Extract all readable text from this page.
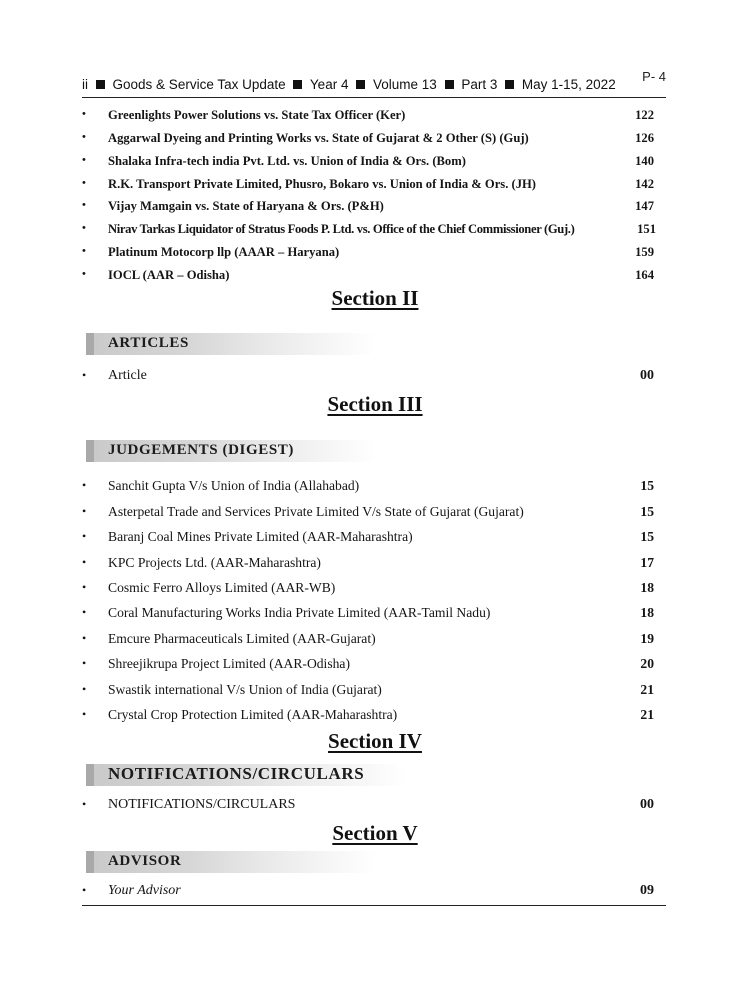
P- 4
ii Goods & Service Tax Update Year 4 Volume 13 Part 3 May 1-15, 2022
• Greenlights Power Solutions vs. State Tax Officer (Ker)	122
• Aggarwal Dyeing and Printing Works vs. State of Gujarat & 2 Other (S) (Guj)	126
• Shalaka Infra-tech india Pvt. Ltd. vs. Union of India & Ors. (Bom)	140
• R.K. Transport Private Limited, Phusro, Bokaro vs. Union of India & Ors. (JH)	142
• Vijay Mamgain vs. State of Haryana & Ors. (P&H)	147
• Nirav Tarkas Liquidator of Stratus Foods P. Ltd. vs. Office of the Chief Commissioner (Guj.)	151
• Platinum Motocorp llp (AAAR – Haryana)	159
• IOCL (AAR – Odisha)	164
Section II
ARTICLES
• Article	00
Section III
JUDGEMENTS (DIGEST)
• Sanchit Gupta V/s Union of India (Allahabad)	15
• Asterpetal Trade and Services Private Limited V/s State of Gujarat (Gujarat)	15
• Baranj Coal Mines Private Limited (AAR-Maharashtra)	15
• KPC Projects Ltd. (AAR-Maharashtra)	17
• Cosmic Ferro Alloys Limited (AAR-WB)	18
• Coral Manufacturing Works India Private Limited (AAR-Tamil Nadu)	18
• Emcure Pharmaceuticals Limited (AAR-Gujarat)	19
• Shreejikrupa Project Limited (AAR-Odisha)	20
• Swastik international V/s Union of India (Gujarat)	21
• Crystal Crop Protection Limited (AAR-Maharashtra)	21
Section IV
NOTIFICATIONS/CIRCULARS
• NOTIFICATIONS/CIRCULARS	00
Section V
ADVISOR
• Your Advisor	09
